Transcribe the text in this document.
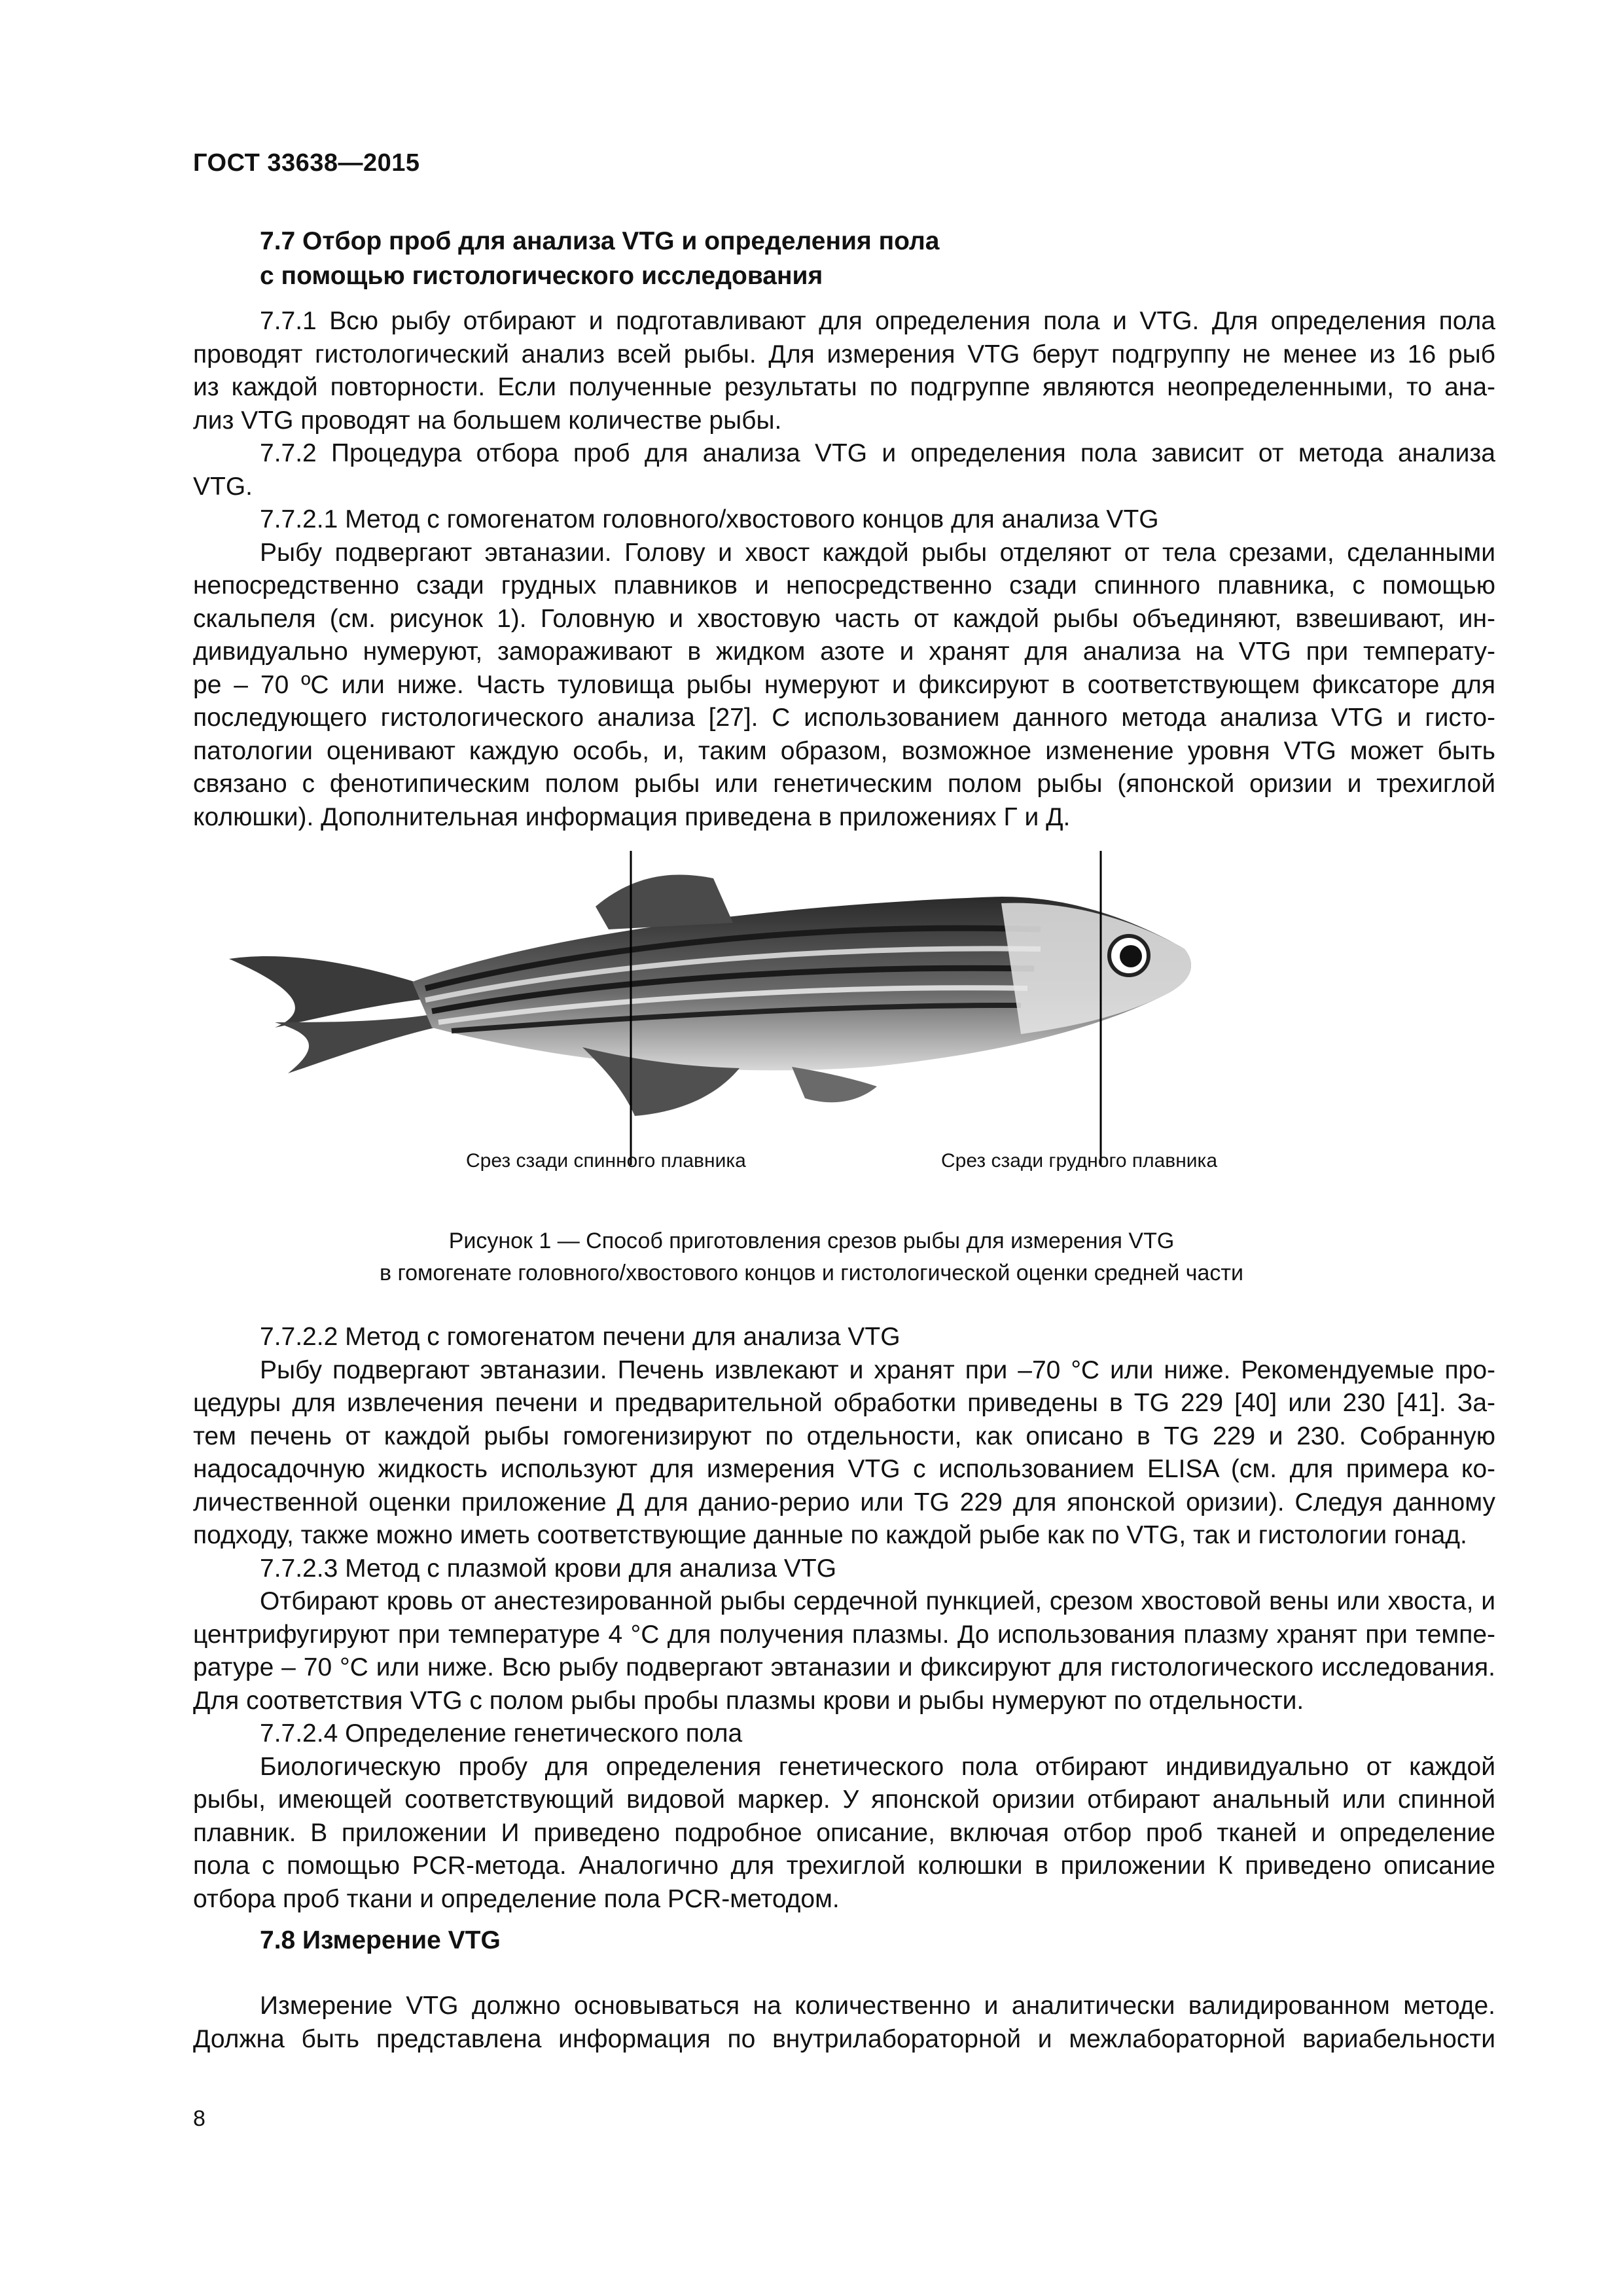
ГОСТ 33638—2015
7.7 Отбор проб для анализа VTG и определения пола
с помощью гистологического исследования
7.7.1 Всю рыбу отбирают и подготавливают для определения пола и VTG. Для определения пола
проводят гистологический анализ всей рыбы. Для измерения VTG берут подгруппу не менее из 16 рыб
из каждой повторности. Если полученные результаты по подгруппе являются неопределенными, то ана-
лиз VTG проводят на большем количестве рыбы.
7.7.2 Процедура отбора проб для анализа VTG и определения пола зависит от метода анализа
VTG.
7.7.2.1 Метод с гомогенатом головного/хвостового концов для анализа VTG
Рыбу подвергают эвтаназии. Голову и хвост каждой рыбы отделяют от тела срезами, сделанными
непосредственно сзади грудных плавников и непосредственно сзади спинного плавника, с помощью
скальпеля (см. рисунок 1). Головную и хвостовую часть от каждой рыбы объединяют, взвешивают, ин-
дивидуально нумеруют, замораживают в жидком азоте и хранят для анализа на VTG при температу-
ре – 70 ºС или ниже. Часть туловища рыбы нумеруют и фиксируют в соответствующем фиксаторе для
последующего гистологического анализа [27]. С использованием данного метода анализа VTG и гисто-
патологии оценивают каждую особь, и, таким образом, возможное изменение уровня VTG может быть
связано с фенотипическим полом рыбы или генетическим полом рыбы (японской оризии и трехиглой
колюшки). Дополнительная информация приведена в приложениях Г и Д.
Срез сзади спинного плавника	Срез сзади грудного плавника
Рисунок 1 — Способ приготовления срезов рыбы для измерения VTG
в гомогенате головного/хвостового концов и гистологической оценки средней части
7.7.2.2 Метод с гомогенатом печени для анализа VTG
Рыбу подвергают эвтаназии. Печень извлекают и хранят при –70 °С или ниже. Рекомендуемые про-
цедуры для извлечения печени и предварительной обработки приведены в TG 229 [40] или 230 [41]. За-
тем печень от каждой рыбы гомогенизируют по отдельности, как описано в TG 229 и 230. Собранную
надосадочную жидкость используют для измерения VTG с использованием ELISA (см. для примера ко-
личественной оценки приложение Д для данио-рерио или TG 229 для японской оризии). Следуя данному
подходу, также можно иметь соответствующие данные по каждой рыбе как по VTG, так и гистологии гонад.
7.7.2.3 Метод с плазмой крови для анализа VTG
Отбирают кровь от анестезированной рыбы сердечной пункцией, срезом хвостовой вены или хвоста, и
центрифугируют при температуре 4 °С для получения плазмы. До использования плазму хранят при темпе-
ратуре – 70 °С или ниже. Всю рыбу подвергают эвтаназии и фиксируют для гистологического исследования.
Для соответствия VTG с полом рыбы пробы плазмы крови и рыбы нумеруют по отдельности.
7.7.2.4 Определение генетического пола
Биологическую пробу для определения генетического пола отбирают индивидуально от каждой
рыбы, имеющей соответствующий видовой маркер. У японской оризии отбирают анальный или спинной
плавник. В приложении И приведено подробное описание, включая отбор проб тканей и определение
пола с помощью PCR-метода. Аналогично для трехиглой колюшки в приложении К приведено описание
отбора проб ткани и определение пола PCR-методом.
7.8 Измерение VTG
Измерение VTG должно основываться на количественно и аналитически валидированном методе.
Должна быть представлена информация по внутрилабораторной и межлабораторной вариабельности
8
